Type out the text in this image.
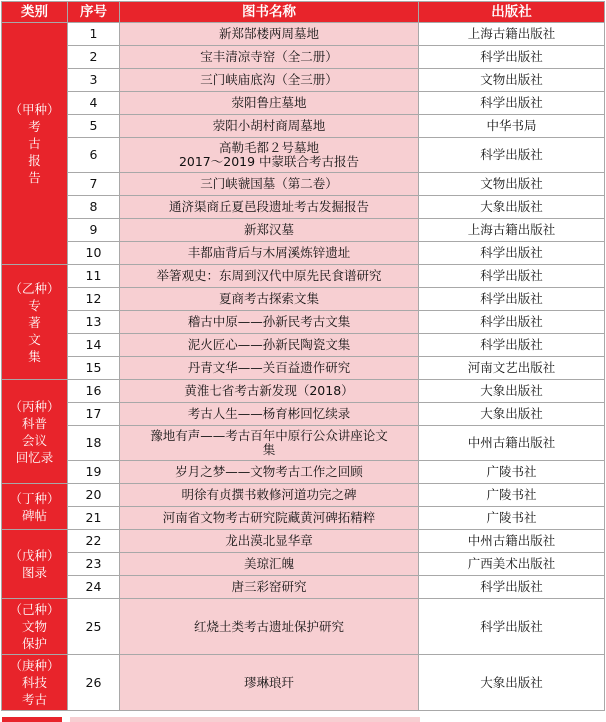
类别	序号	图书名称	出版社

（甲种）
考
古
报
告	1	新郑郜楼两周墓地	上海古籍出版社
	2	宝丰清凉寺窑（全二册）	科学出版社
	3	三门峡庙底沟（全三册）	文物出版社
	4	荥阳鲁庄墓地	科学出版社
	5	荥阳小胡村商周墓地	中华书局
	6	高勒毛都２号墓地
2017～2019 中蒙联合考古报告	科学出版社
	7	三门峡虢国墓（第二卷）	文物出版社
	8	通济渠商丘夏邑段遗址考古发掘报告	大象出版社
	9	新郑汉墓	上海古籍出版社
	10	丰都庙背后与木屑溪炼锌遗址	科学出版社

（乙种）
专
著
文
集	11	举箸观史：东周到汉代中原先民食谱研究	科学出版社
	12	夏商考古探索文集	科学出版社
	13	稽古中原——孙新民考古文集	科学出版社
	14	泥火匠心——孙新民陶瓷文集	科学出版社
	15	丹青文华——关百益遗作研究	河南文艺出版社

（丙种）
科普
会议
回忆录	16	黄淮七省考古新发现（2018）	大象出版社
	17	考古人生——杨育彬回忆续录	大象出版社
	18	豫地有声——考古百年中原行公众讲座论文
集	中州古籍出版社
	19	岁月之梦——文物考古工作之回顾	广陵书社

（丁种）
碑帖	20	明徐有贞撰书敕修河道功完之碑	广陵书社
	21	河南省文物考古研究院藏黄河碑拓精粹	广陵书社

（戊种）
图录	22	龙出漠北显华章	中州古籍出版社
	23	美琼汇魄	广西美术出版社
	24	唐三彩窑研究	科学出版社

（己种）
文物
保护	25	红烧土类考古遗址保护研究	科学出版社

（庚种）
科技
考古	26	璆琳琅玕	大象出版社
